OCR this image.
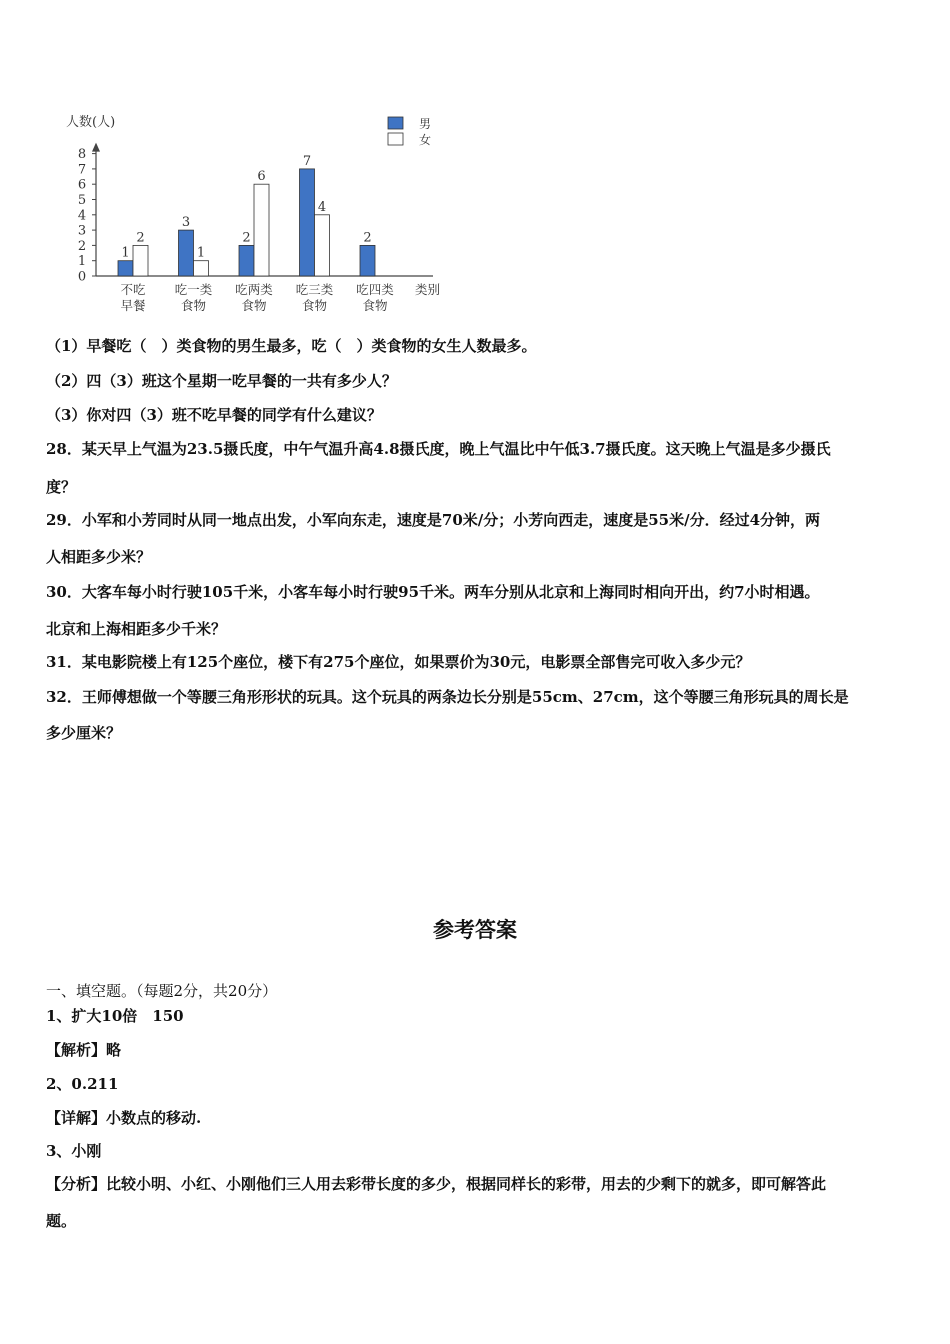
人数(人)	男
女
0
1
2
3
4
5
6
7
8
1
2
不吃
早餐
3
1
吃一类
食物
2
6
吃两类
食物
7
4
吃三类
食物
2
吃四类
食物
类别
（1）早餐吃（　）类食物的男生最多，吃（　）类食物的女生人数最多。
（2）四（3）班这个星期一吃早餐的一共有多少人？
（3）你对四（3）班不吃早餐的同学有什么建议？
28．某天早上气温为23.5摄氏度，中午气温升高4.8摄氏度，晚上气温比中午低3.7摄氏度。这天晚上气温是多少摄氏
度？
29．小军和小芳同时从同一地点出发，小军向东走，速度是70米/分；小芳向西走，速度是55米/分．经过4分钟，两
人相距多少米？
30．大客车每小时行驶105千米，小客车每小时行驶95千米。两车分别从北京和上海同时相向开出，约7小时相遇。
北京和上海相距多少千米？
31．某电影院楼上有125个座位，楼下有275个座位，如果票价为30元，电影票全部售完可收入多少元？
32．王师傅想做一个等腰三角形形状的玩具。这个玩具的两条边长分别是55cm、27cm，这个等腰三角形玩具的周长是
多少厘米？
参考答案
一、填空题。（每题2分，共20分）
1、扩大10倍　150
【解析】略
2、0.211
【详解】小数点的移动.
3、小刚
【分析】比较小明、小红、小刚他们三人用去彩带长度的多少，根据同样长的彩带，用去的少剩下的就多，即可解答此
题。
